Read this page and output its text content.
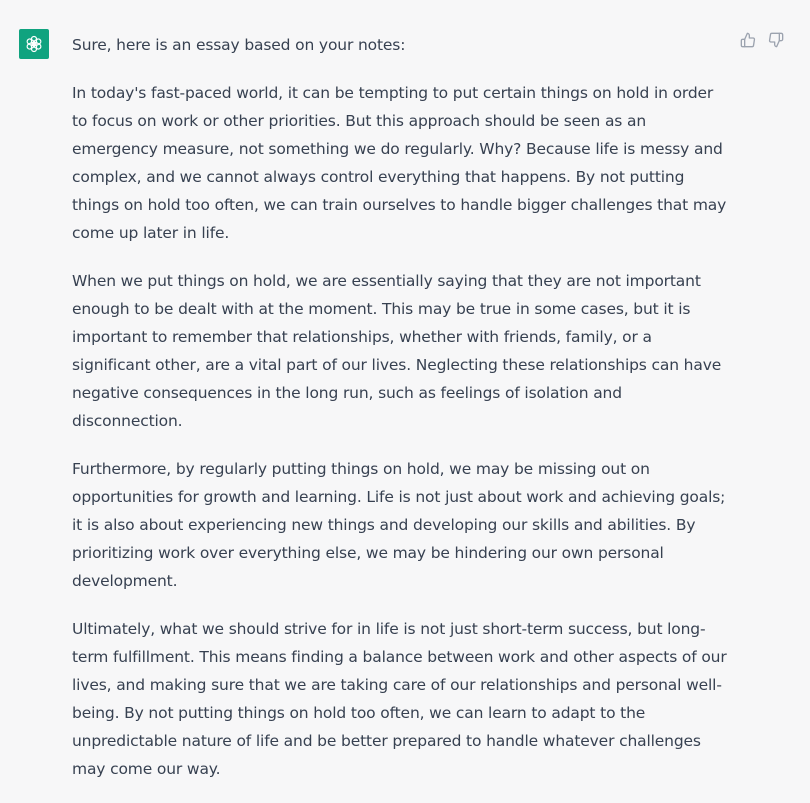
Sure, here is an essay based on your notes:

In today's fast-paced world, it can be tempting to put certain things on hold in order to focus on work or other priorities. But this approach should be seen as an emergency measure, not something we do regularly. Why? Because life is messy and complex, and we cannot always control everything that happens. By not putting things on hold too often, we can train ourselves to handle bigger challenges that may come up later in life.

When we put things on hold, we are essentially saying that they are not important enough to be dealt with at the moment. This may be true in some cases, but it is important to remember that relationships, whether with friends, family, or a significant other, are a vital part of our lives. Neglecting these relationships can have negative consequences in the long run, such as feelings of isolation and disconnection.

Furthermore, by regularly putting things on hold, we may be missing out on opportunities for growth and learning. Life is not just about work and achieving goals; it is also about experiencing new things and developing our skills and abilities. By prioritizing work over everything else, we may be hindering our own personal development.

Ultimately, what we should strive for in life is not just short-term success, but long-term fulfillment. This means finding a balance between work and other aspects of our lives, and making sure that we are taking care of our relationships and personal well-being. By not putting things on hold too often, we can learn to adapt to the unpredictable nature of life and be better prepared to handle whatever challenges may come our way.
